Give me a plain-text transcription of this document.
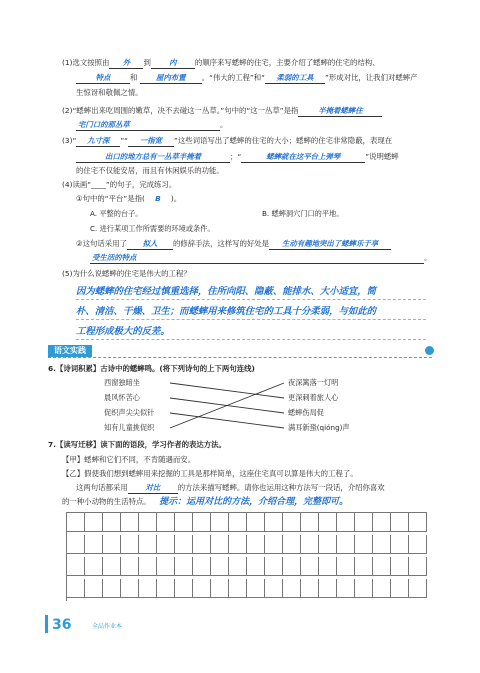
(1)选文按照由 外 到 内 的顺序来写蟋蟀的住宅，主要介绍了蟋蟀的住宅的结构、
特点	和	屋内布置 。“伟大的工程”和“ 柔弱的工具 ”形成对比，让我们对蟋蟀产
生惊讶和敬佩之情。
(2)“蟋蟀出来吃周围的嫩草，决不去碰这一丛草。”句中的“这一丛草”是指	半掩着蟋蟀住
宅门口的那丛草	。
(3)“ 九寸深 ”“ 一指宽 ”这些词语写出了蟋蟀的住宅的大小；蟋蟀的住宅非常隐蔽，表现在
出口的地方总有一丛草半掩着	；“	蟋蟀就在这平台上弹琴	”说明蟋蟀
的住宅不仅能安居，而且有休闲娱乐的功能。
(4)读画“____”的句子，完成练习。
①句中的“平台”是指( B )。
A. 平整的台子。	B. 蟋蟀洞穴门口的平地。
C. 进行某项工作所需要的环境或条件。
②这句话采用了 拟人 的修辞手法，这样写的好处是 生动有趣地突出了蟋蟀乐于享
受生活的特点	。
(5)为什么说蟋蟀的住宅是伟大的工程？
因为蟋蟀的住宅经过慎重选择，住所向阳、隐蔽、能排水、大小适宜，简
朴、清洁、干燥、卫生；而蟋蟀用来修筑住宅的工具十分柔弱，与如此的
工程形成极大的反差。
语文实践
6.【诗词积累】古诗中的蟋蟀鸣。(将下列诗句的上下两句连线)
西窗独暗坐
晨风怀苦心
促织声尖尖似针
知有儿童挑促织
夜深篱落一灯明
更深刺着旅人心
蟋蟀伤局促
满耳新蛩(qióng)声
7.【读写迁移】读下面的语段，学习作者的表达方法。
【甲】蟋蟀和它们不同，不肯随遇而安。
【乙】假使我们想到蟋蟀用来挖掘的工具是那样简单，这座住宅真可以算是伟大的工程了。
这两句话都采用 对比 的方法来描写蟋蟀。请你也运用这种方法写一段话，介绍你喜欢
的一种小动物的生活特点。 提示：运用对比的方法，介绍合理，完整即可。
36	全品作业本
